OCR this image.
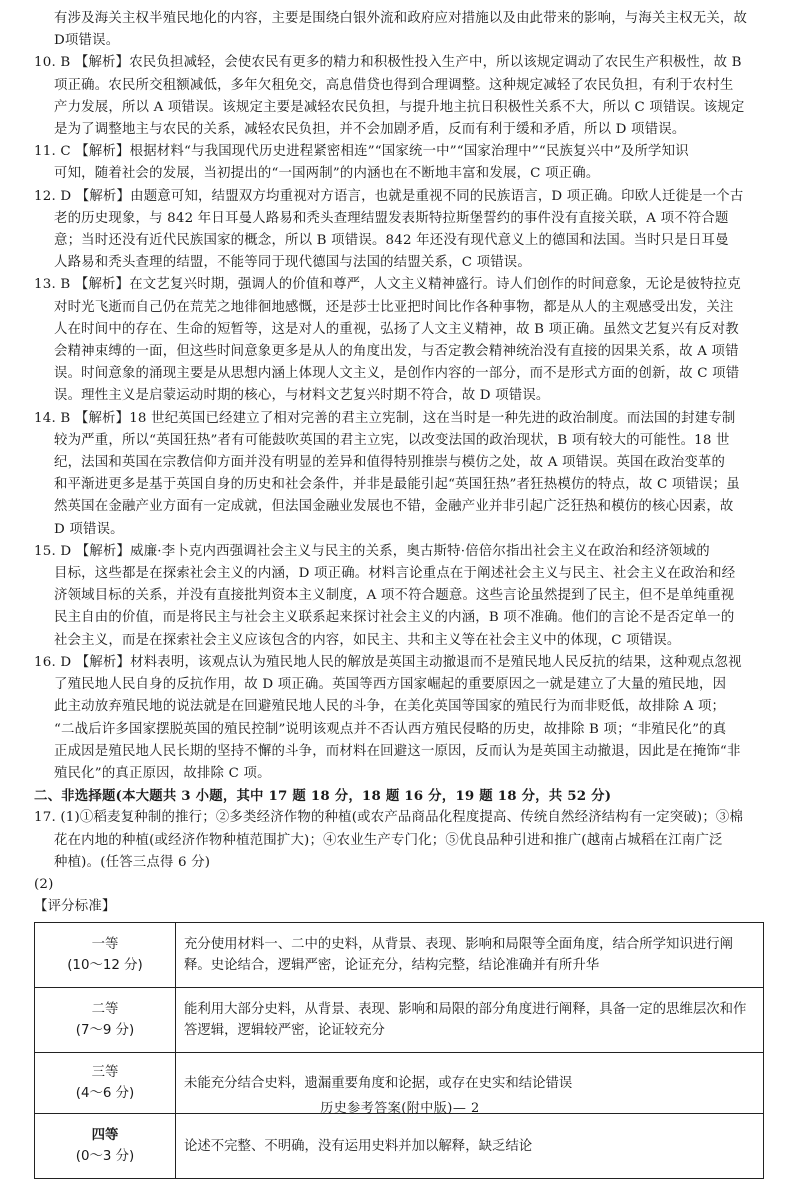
有涉及海关主权半殖民地化的内容，主要是围绕白银外流和政府应对措施以及由此带来的影响，与海关主权无关，故
D项错误。
10. B 【解析】农民负担减轻，会使农民有更多的精力和积极性投入生产中，所以该规定调动了农民生产积极性，故 B
项正确。农民所交租额减低，多年欠租免交，高息借贷也得到合理调整。这种规定减轻了农民负担，有利于农村生
产力发展，所以 A 项错误。该规定主要是减轻农民负担，与提升地主抗日积极性关系不大，所以 C 项错误。该规定
是为了调整地主与农民的关系，减轻农民负担，并不会加剧矛盾，反而有利于缓和矛盾，所以 D 项错误。
11. C 【解析】根据材料“与我国现代历史进程紧密相连”“国家统一中”“国家治理中”“民族复兴中”及所学知识
可知，随着社会的发展，当初提出的“一国两制”的内涵也在不断地丰富和发展，C 项正确。
12. D 【解析】由题意可知，结盟双方均重视对方语言，也就是重视不同的民族语言，D 项正确。印欧人迁徙是一个古
老的历史现象，与 842 年日耳曼人路易和秃头查理结盟发表斯特拉斯堡誓约的事件没有直接关联，A 项不符合题
意；当时还没有近代民族国家的概念，所以 B 项错误。842 年还没有现代意义上的德国和法国。当时只是日耳曼
人路易和秃头查理的结盟，不能等同于现代德国与法国的结盟关系，C 项错误。
13. B 【解析】在文艺复兴时期，强调人的价值和尊严，人文主义精神盛行。诗人们创作的时间意象，无论是彼特拉克
对时光飞逝而自己仍在荒芜之地徘徊地感慨，还是莎士比亚把时间比作各种事物，都是从人的主观感受出发，关注
人在时间中的存在、生命的短暂等，这是对人的重视，弘扬了人文主义精神，故 B 项正确。虽然文艺复兴有反对教
会精神束缚的一面，但这些时间意象更多是从人的角度出发，与否定教会精神统治没有直接的因果关系，故 A 项错
误。时间意象的涌现主要是从思想内涵上体现人文主义，是创作内容的一部分，而不是形式方面的创新，故 C 项错
误。理性主义是启蒙运动时期的核心，与材料文艺复兴时期不符合，故 D 项错误。
14. B 【解析】18 世纪英国已经建立了相对完善的君主立宪制，这在当时是一种先进的政治制度。而法国的封建专制
较为严重，所以“英国狂热”者有可能鼓吹英国的君主立宪，以改变法国的政治现状，B 项有较大的可能性。18 世
纪，法国和英国在宗教信仰方面并没有明显的差异和值得特别推崇与模仿之处，故 A 项错误。英国在政治变革的
和平渐进更多是基于英国自身的历史和社会条件，并非是最能引起“英国狂热”者狂热模仿的特点，故 C 项错误；虽
然英国在金融产业方面有一定成就，但法国金融业发展也不错，金融产业并非引起广泛狂热和模仿的核心因素，故
D 项错误。
15. D 【解析】威廉·李卜克内西强调社会主义与民主的关系，奥古斯特·倍倍尔指出社会主义在政治和经济领域的
目标，这些都是在探索社会主义的内涵，D 项正确。材料言论重点在于阐述社会主义与民主、社会主义在政治和经
济领域目标的关系，并没有直接批判资本主义制度，A 项不符合题意。这些言论虽然提到了民主，但不是单纯重视
民主自由的价值，而是将民主与社会主义联系起来探讨社会主义的内涵，B 项不准确。他们的言论不是否定单一的
社会主义，而是在探索社会主义应该包含的内容，如民主、共和主义等在社会主义中的体现，C 项错误。
16. D 【解析】材料表明，该观点认为殖民地人民的解放是英国主动撤退而不是殖民地人民反抗的结果，这种观点忽视
了殖民地人民自身的反抗作用，故 D 项正确。英国等西方国家崛起的重要原因之一就是建立了大量的殖民地，因
此主动放弃殖民地的说法就是在回避殖民地人民的斗争，在美化英国等国家的殖民行为而非贬低，故排除 A 项；
“二战后许多国家摆脱英国的殖民控制”说明该观点并不否认西方殖民侵略的历史，故排除 B 项；“非殖民化”的真
正成因是殖民地人民长期的坚持不懈的斗争，而材料在回避这一原因，反而认为是英国主动撤退，因此是在掩饰“非
殖民化”的真正原因，故排除 C 项。
二、非选择题(本大题共 3 小题，其中 17 题 18 分，18 题 16 分，19 题 18 分，共 52 分)
17. (1)①稻麦复种制的推行；②多类经济作物的种植(或农产品商品化程度提高、传统自然经济结构有一定突破)；③棉
花在内地的种植(或经济作物种植范围扩大)；④农业生产专门化；⑤优良品种引进和推广(越南占城稻在江南广泛
种植)。(任答三点得 6 分)
(2)
【评分标准】
一等
(10～12 分)	充分使用材料一、二中的史料，从背景、表现、影响和局限等全面角度，结合所学知识进行阐释。史论结合，逻辑严密，论证充分，结构完整，结论准确并有所升华

二等
(7～9 分)	能利用大部分史料，从背景、表现、影响和局限的部分角度进行阐释，具备一定的思维层次和作答逻辑，逻辑较严密，论证较充分

三等
(4～6 分)	未能充分结合史料，遗漏重要角度和论据，或存在史实和结论错误

四等
(0～3 分)	论述不完整、不明确，没有运用史料并加以解释，缺乏结论
历史参考答案(附中版)— 2
